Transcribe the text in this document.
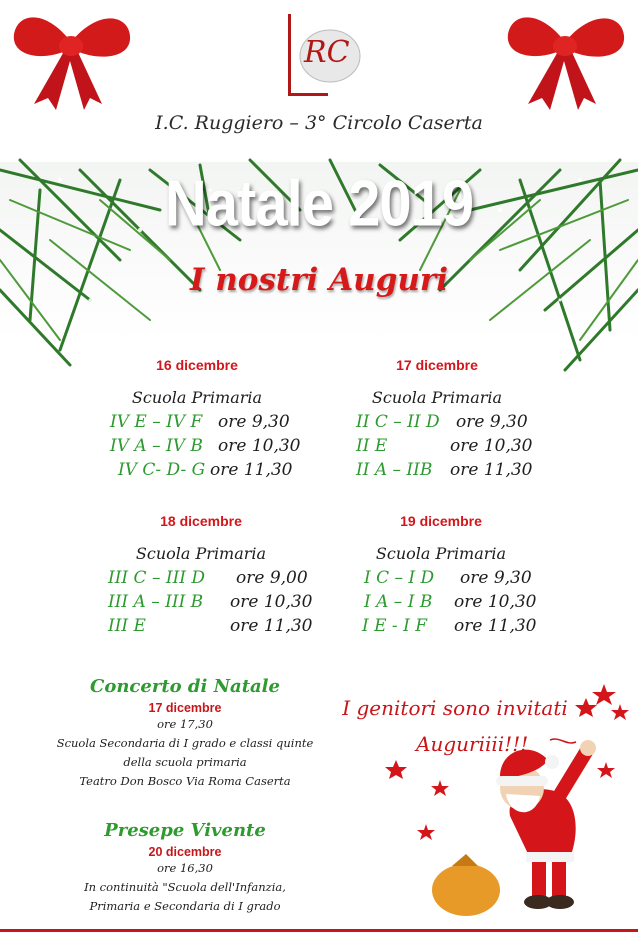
RC
I.C. Ruggiero – 3° Circolo Caserta
Natale 2019
I nostri Auguri
16 dicembre
Scuola Primaria
IV E – IV F ore 9,30
IV A – IV B ore 10,30
IV C- D- G ore 11,30
17 dicembre
Scuola Primaria
II C – II D ore 9,30
II E	ore 10,30
II A – IIB ore 11,30
18 dicembre
Scuola Primaria
III C – III D ore 9,00
III A – III B ore 10,30
III E	ore 11,30
19 dicembre
Scuola Primaria
I C – I D ore 9,30
I A – I B ore 10,30
I E - I F ore 11,30
Concerto di Natale
17 dicembre
ore 17,30
Scuola Secondaria di I grado e classi quinte
della scuola primaria
Teatro Don Bosco Via Roma Caserta
Presepe Vivente
20 dicembre
ore 16,30
In continuità "Scuola dell'Infanzia,
Primaria e Secondaria di I grado
I genitori sono invitati
Auguriiii!!!
